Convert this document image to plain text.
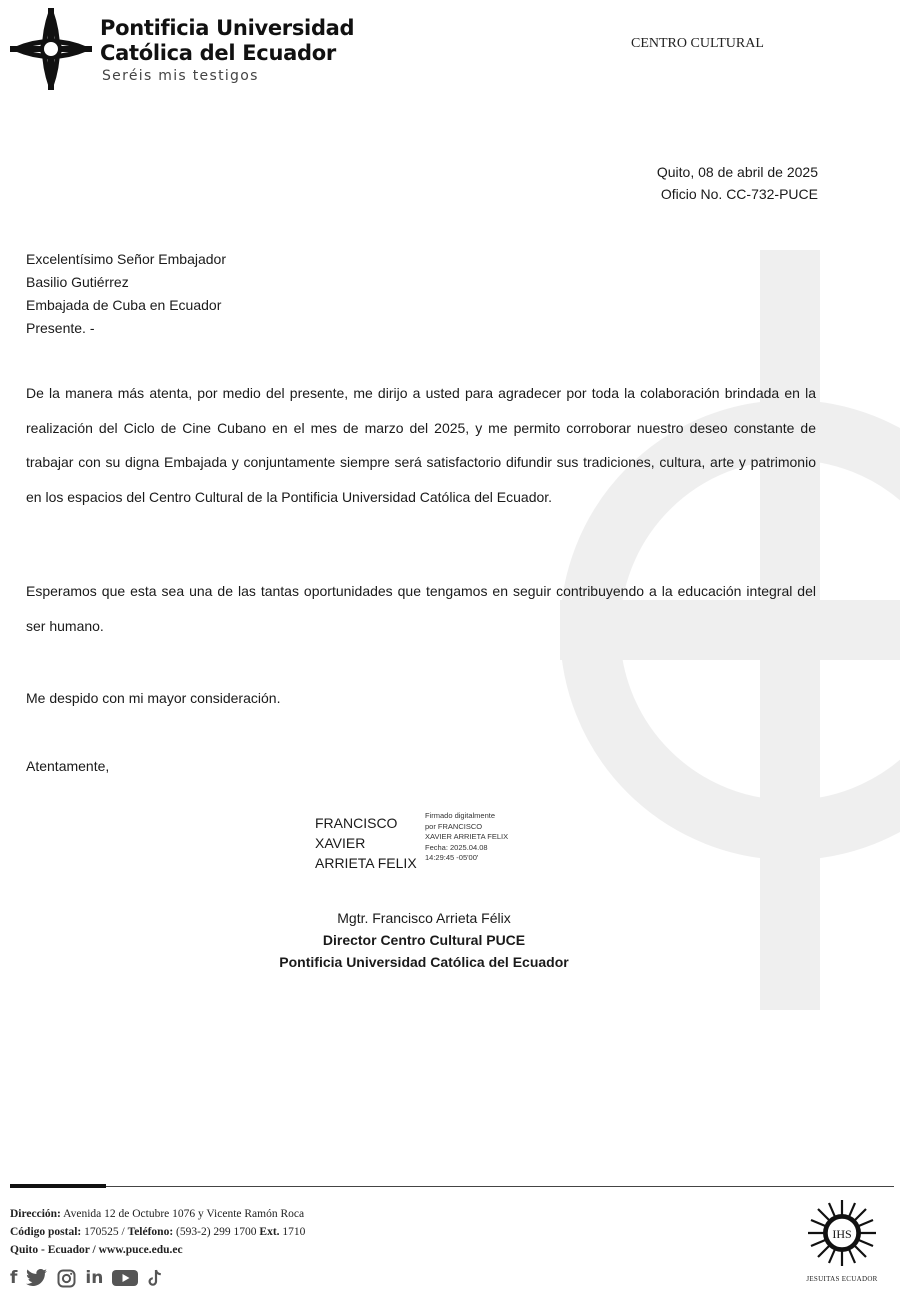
Pontificia Universidad
Católica del Ecuador
Seréis mis testigos
CENTRO CULTURAL
Quito, 08 de abril de 2025
Oficio No. CC-732-PUCE
Excelentísimo Señor Embajador
Basilio Gutiérrez
Embajada de Cuba en Ecuador
Presente. -
De la manera más atenta, por medio del presente, me dirijo a usted para agradecer por toda la colaboración brindada en la realización del Ciclo de Cine Cubano en el mes de marzo del 2025, y me permito corroborar nuestro deseo constante de trabajar con su digna Embajada y conjuntamente siempre será satisfactorio difundir sus tradiciones, cultura, arte y patrimonio en los espacios del Centro Cultural de la Pontificia Universidad Católica del Ecuador.
Esperamos que esta sea una de las tantas oportunidades que tengamos en seguir contribuyendo a la educación integral del ser humano.
Me despido con mi mayor consideración.
Atentamente,
FRANCISCO
XAVIER
ARRIETA FELIX
Firmado digitalmente
por FRANCISCO
XAVIER ARRIETA FELIX
Fecha: 2025.04.08
14:29:45 -05'00'
Mgtr. Francisco Arrieta Félix
Director Centro Cultural PUCE
Pontificia Universidad Católica del Ecuador
Dirección: Avenida 12 de Octubre 1076 y Vicente Ramón Roca
Código postal: 170525 / Teléfono: (593-2) 299 1700 Ext. 1710
Quito - Ecuador / www.puce.edu.ec
f	in
IHS
JESUITAS ECUADOR
